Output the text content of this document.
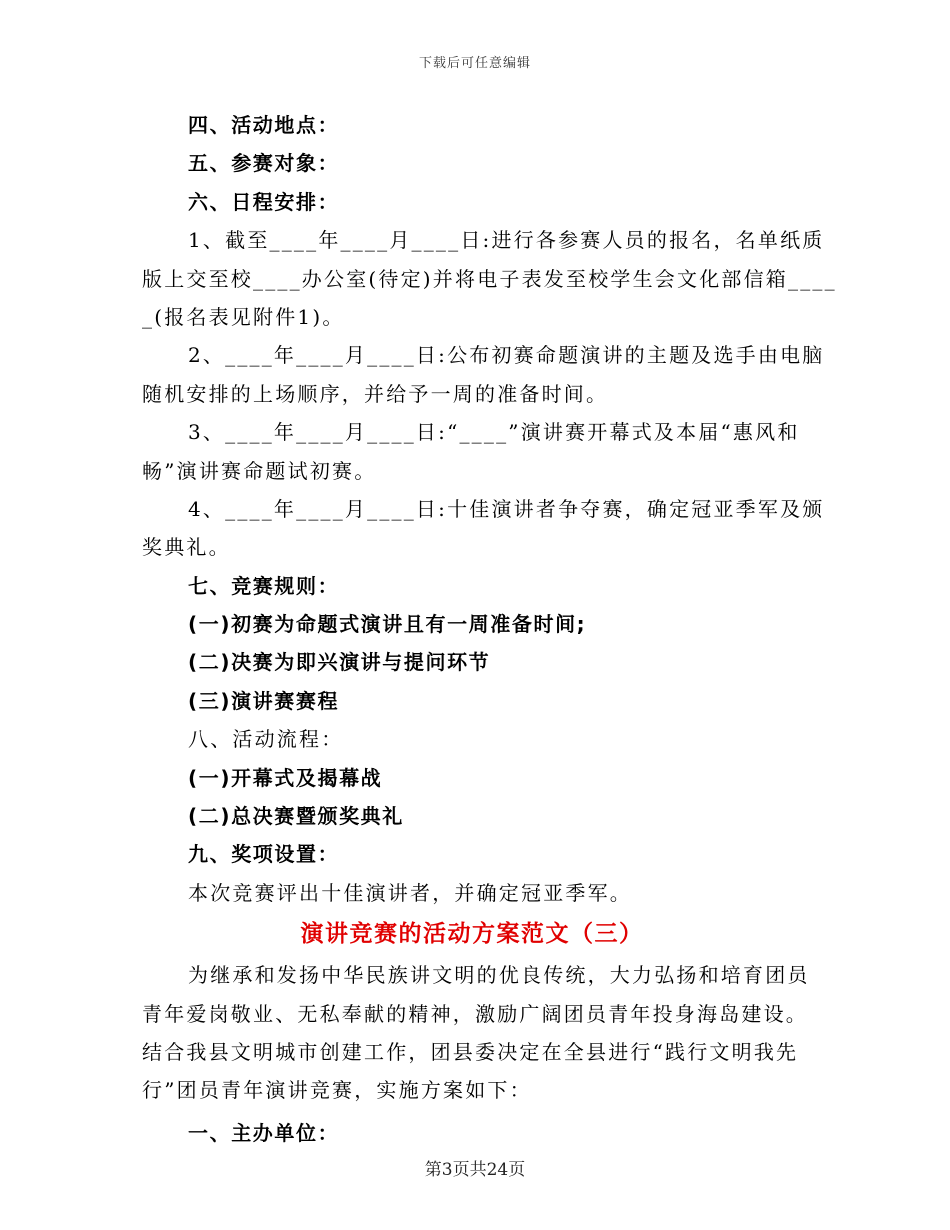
下载后可任意编辑
四、活动地点：
五、参赛对象：
六、日程安排：
1、截至____年____月____日:进行各参赛人员的报名，名单纸质
版上交至校____办公室(待定)并将电子表发至校学生会文化部信箱____
_(报名表见附件1)。
2、____年____月____日:公布初赛命题演讲的主题及选手由电脑
随机安排的上场顺序，并给予一周的准备时间。
3、____年____月____日:“____”演讲赛开幕式及本届“惠风和
畅”演讲赛命题试初赛。
4、____年____月____日:十佳演讲者争夺赛，确定冠亚季军及颁
奖典礼。
七、竞赛规则：
(一)初赛为命题式演讲且有一周准备时间;
(二)决赛为即兴演讲与提问环节
(三)演讲赛赛程
八、活动流程：
(一)开幕式及揭幕战
(二)总决赛暨颁奖典礼
九、奖项设置：
本次竞赛评出十佳演讲者，并确定冠亚季军。
演讲竞赛的活动方案范文（三）
为继承和发扬中华民族讲文明的优良传统，大力弘扬和培育团员
青年爱岗敬业、无私奉献的精神，激励广阔团员青年投身海岛建设。
结合我县文明城市创建工作，团县委决定在全县进行“践行文明我先
行”团员青年演讲竞赛，实施方案如下：
一、主办单位：
第3页共24页
